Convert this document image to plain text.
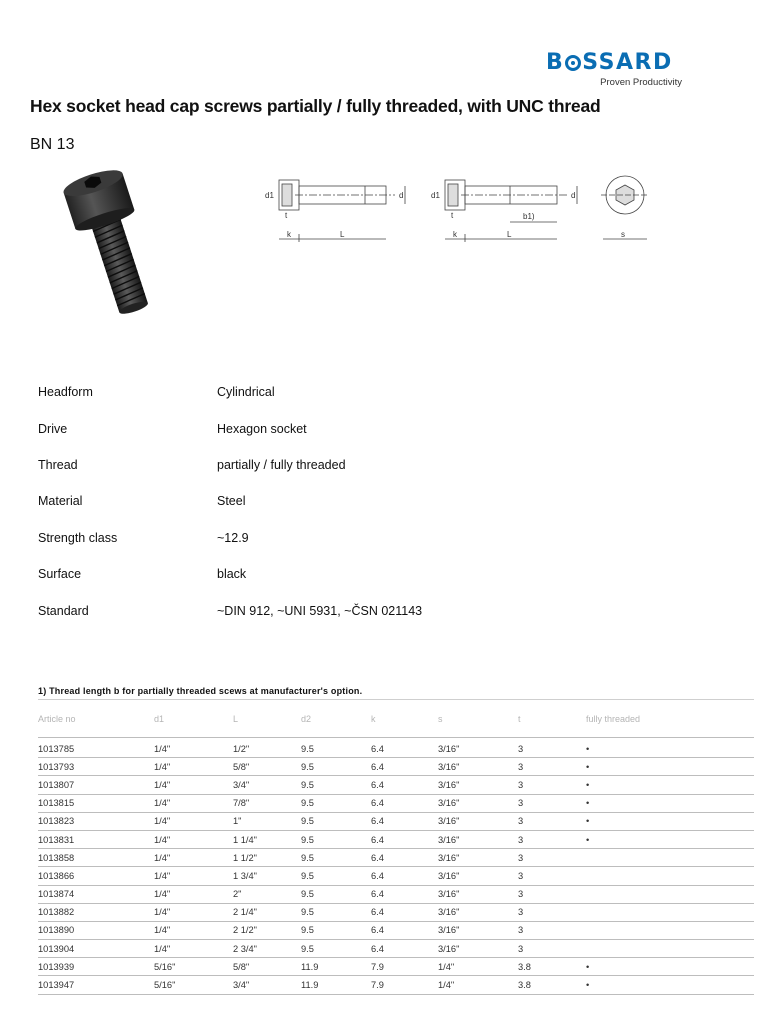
B SSARD
Proven Productivity
Hex socket head cap screws partially / fully threaded, with UNC thread
BN 13
d1	d
t
k	L
d1	d
t
k	L
b1)
s
Headform	Cylindrical
Drive	Hexagon socket
Thread	partially / fully threaded
Material	Steel
Strength class	~12.9
Surface	black
Standard	~DIN 912, ~UNI 5931, ~ČSN 021143
1) Thread length b for partially threaded scews at manufacturer's option.
Article no	d1	L	d2	k	s	t	fully threaded
1013785	1/4"	1/2"	9.5	6.4	3/16"	3	•
1013793	1/4"	5/8"	9.5	6.4	3/16"	3	•
1013807	1/4"	3/4"	9.5	6.4	3/16"	3	•
1013815	1/4"	7/8"	9.5	6.4	3/16"	3	•
1013823	1/4"	1"	9.5	6.4	3/16"	3	•
1013831	1/4"	1 1/4"	9.5	6.4	3/16"	3	•
1013858	1/4"	1 1/2"	9.5	6.4	3/16"	3
1013866	1/4"	1 3/4"	9.5	6.4	3/16"	3
1013874	1/4"	2"	9.5	6.4	3/16"	3
1013882	1/4"	2 1/4"	9.5	6.4	3/16"	3
1013890	1/4"	2 1/2"	9.5	6.4	3/16"	3
1013904	1/4"	2 3/4"	9.5	6.4	3/16"	3
1013939	5/16"	5/8"	11.9	7.9	1/4"	3.8	•
1013947	5/16"	3/4"	11.9	7.9	1/4"	3.8	•
